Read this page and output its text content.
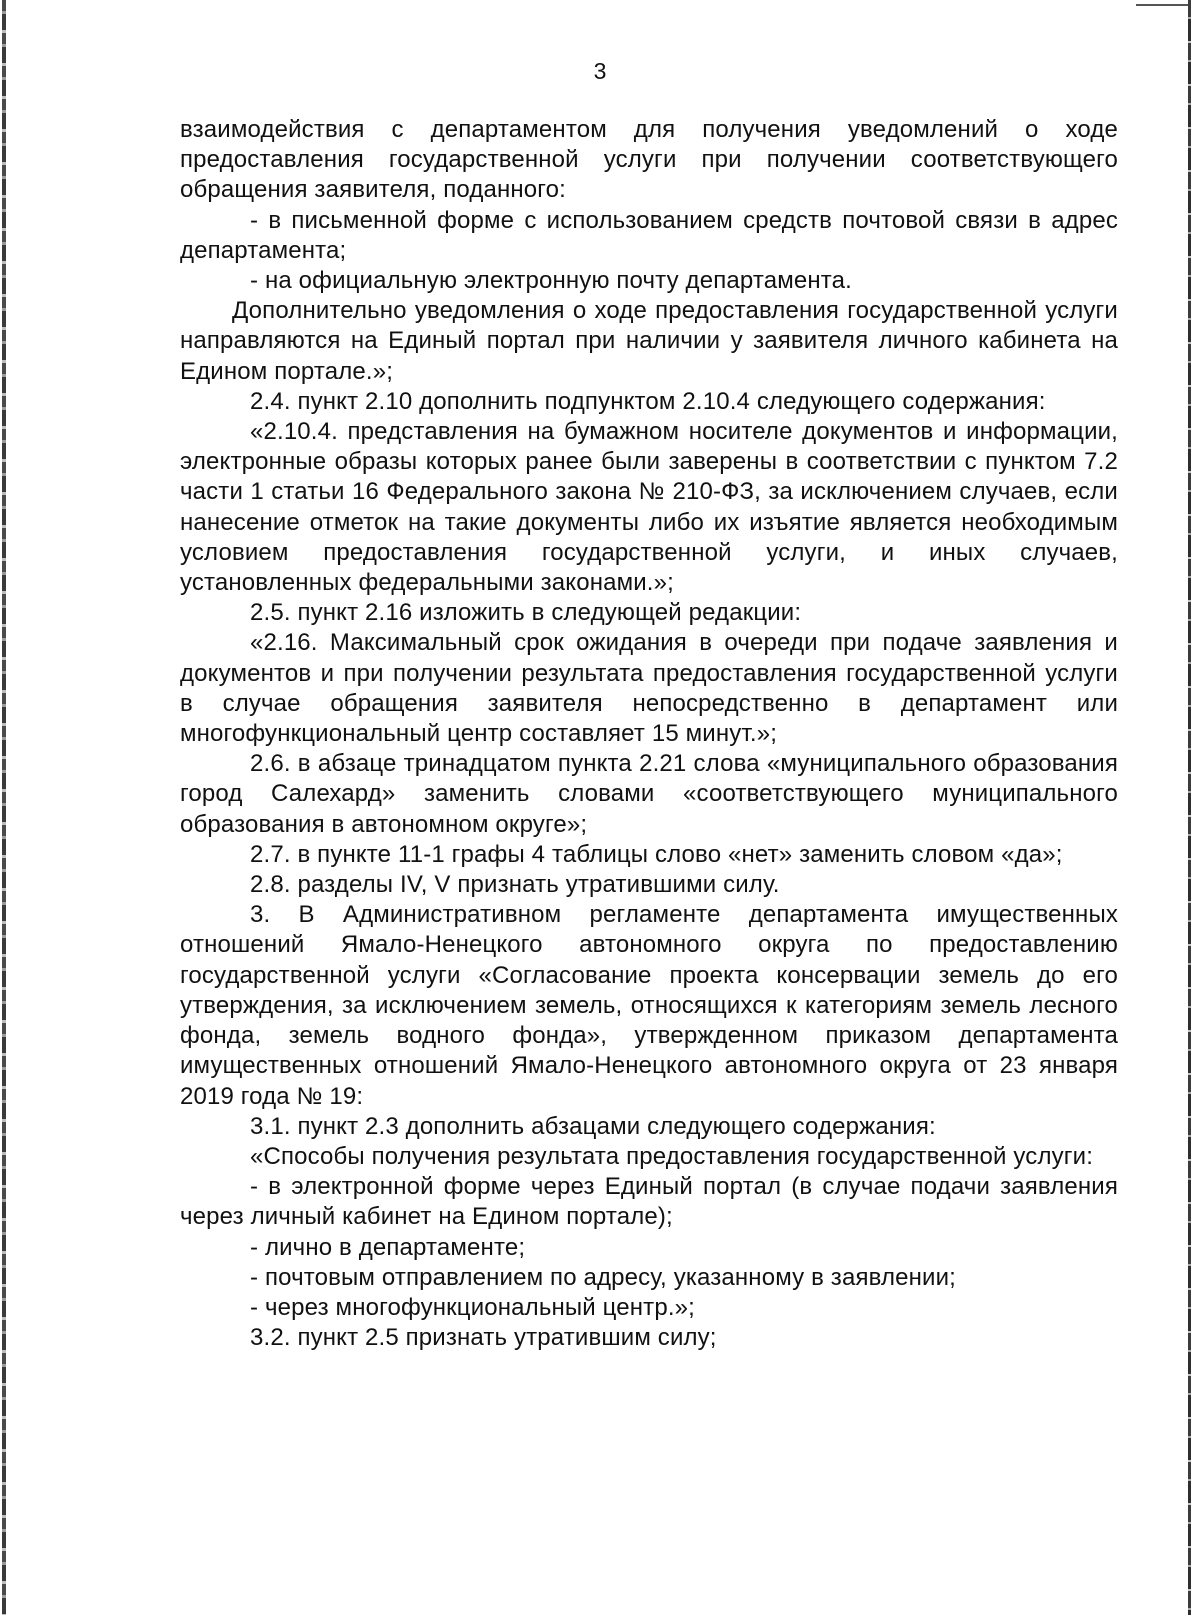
3

взаимодействия с департаментом для получения уведомлений о ходе предоставления государственной услуги при получении соответствующего обращения заявителя, поданного:

- в письменной форме с использованием средств почтовой связи в адрес департамента;

- на официальную электронную почту департамента.

Дополнительно уведомления о ходе предоставления государственной услуги направляются на Единый портал при наличии у заявителя личного кабинета на Едином портале.»;

2.4. пункт 2.10 дополнить подпунктом 2.10.4 следующего содержания:

«2.10.4. представления на бумажном носителе документов и информации, электронные образы которых ранее были заверены в соответствии с пунктом 7.2 части 1 статьи 16 Федерального закона № 210-ФЗ, за исключением случаев, если нанесение отметок на такие документы либо их изъятие является необходимым условием предоставления государственной услуги, и иных случаев, установленных федеральными законами.»;

2.5. пункт 2.16 изложить в следующей редакции:

«2.16. Максимальный срок ожидания в очереди при подаче заявления и документов и при получении результата предоставления государственной услуги в случае обращения заявителя непосредственно в департамент или многофункциональный центр составляет 15 минут.»;

2.6. в абзаце тринадцатом пункта 2.21 слова «муниципального образования город Салехард» заменить словами «соответствующего муниципального образования в автономном округе»;

2.7. в пункте 11-1 графы 4 таблицы слово «нет» заменить словом «да»;

2.8. разделы IV, V признать утратившими силу.

3. В Административном регламенте департамента имущественных отношений Ямало-Ненецкого автономного округа по предоставлению государственной услуги «Согласование проекта консервации земель до его утверждения, за исключением земель, относящихся к категориям земель лесного фонда, земель водного фонда», утвержденном приказом департамента имущественных отношений Ямало-Ненецкого автономного округа от 23 января 2019 года № 19:

3.1. пункт 2.3 дополнить абзацами следующего содержания:

«Способы получения результата предоставления государственной услуги:

- в электронной форме через Единый портал (в случае подачи заявления через личный кабинет на Едином портале);

- лично в департаменте;

- почтовым отправлением по адресу, указанному в заявлении;

- через многофункциональный центр.»;

3.2. пункт 2.5 признать утратившим силу;
